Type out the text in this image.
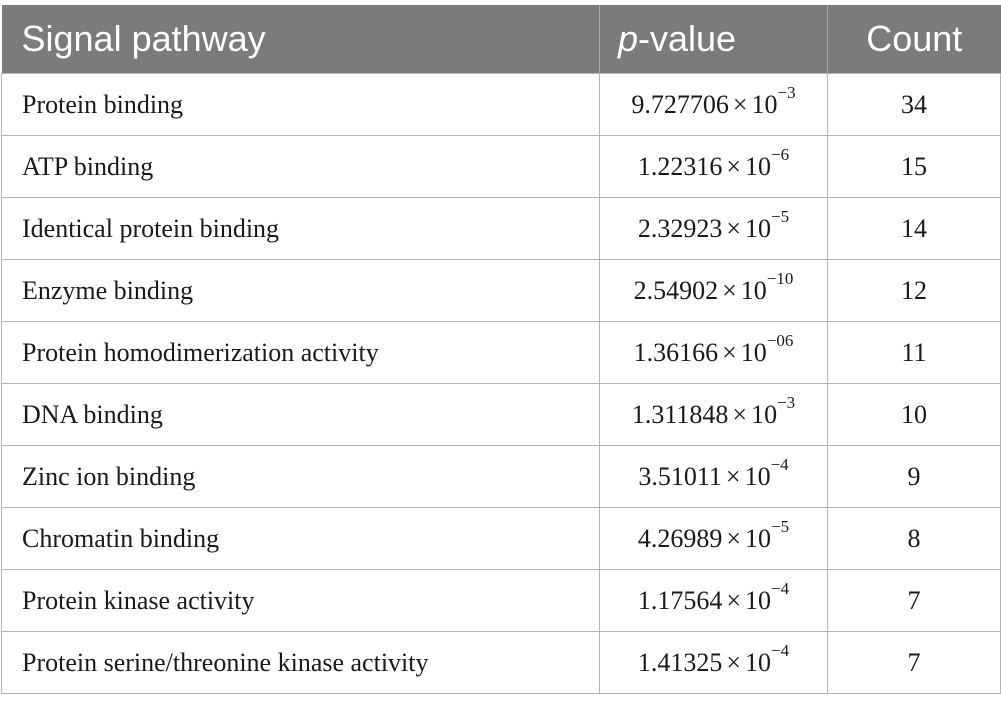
Signal pathway	p-value	Count
Protein binding	$9.727706 \times 10^{-3}$	34
ATP binding	$1.22316 \times 10^{-6}$	15
Identical protein binding	$2.32923 \times 10^{-5}$	14
Enzyme binding	$2.54902 \times 10^{-10}$	12
Protein homodimerization activity	$1.36166 \times 10^{-06}$	11
DNA binding	$1.311848 \times 10^{-3}$	10
Zinc ion binding	$3.51011 \times 10^{-4}$	9
Chromatin binding	$4.26989 \times 10^{-5}$	8
Protein kinase activity	$1.17564 \times 10^{-4}$	7
Protein serine/threonine kinase activity	$1.41325 \times 10^{-4}$	7
